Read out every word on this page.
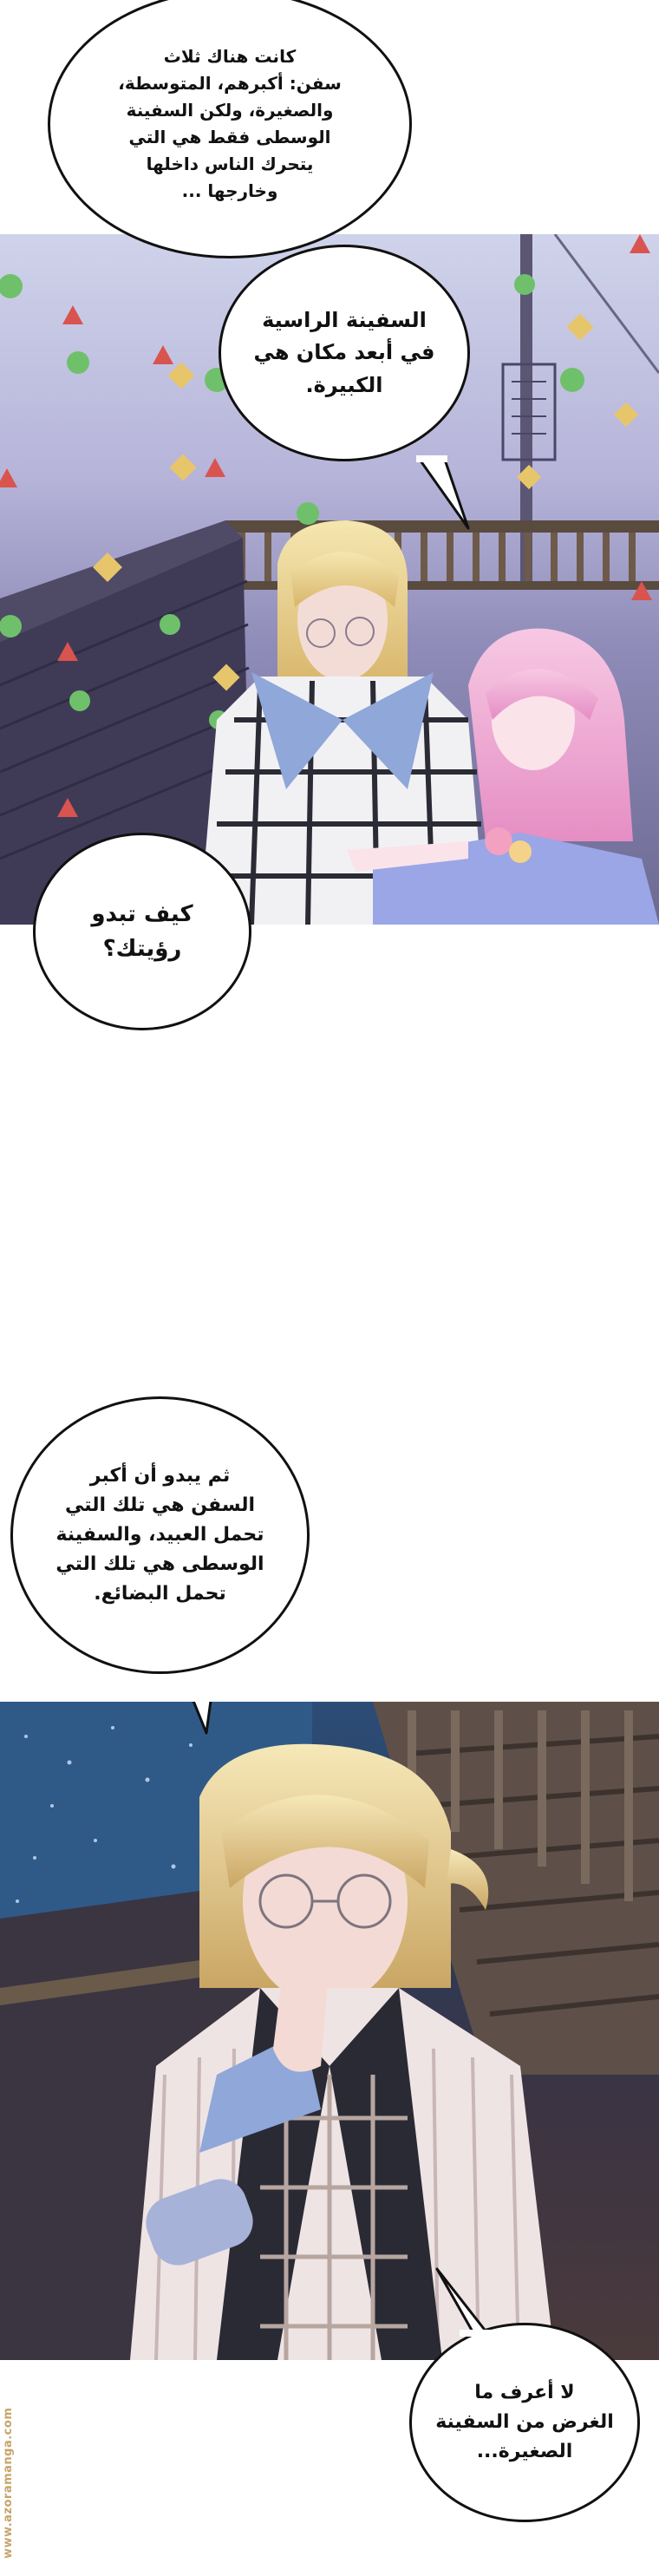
كانت هناك ثلاث
سفن: أكبرهم، المتوسطة،
والصغيرة، ولكن السفينة
الوسطى فقط هي التي
يتحرك الناس داخلها
وخارجها ...
السفينة الراسية
في أبعد مكان هي
الكبيرة.
كيف تبدو
رؤيتك؟
ثم يبدو أن أكبر
السفن هي تلك التي
تحمل العبيد، والسفينة
الوسطى هي تلك التي
تحمل البضائع.
لا أعرف ما
الغرض من السفينة
الصغيرة...
www.azoramanga.com
